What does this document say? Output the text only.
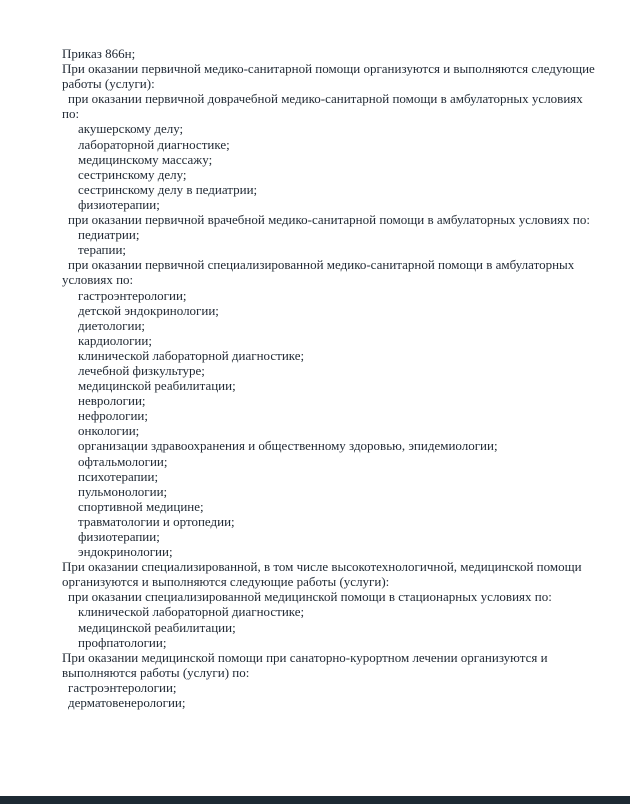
Приказ 866н;
При оказании первичной медико-санитарной помощи организуются и выполняются следующие
работы (услуги):
при оказании первичной доврачебной медико-санитарной помощи в амбулаторных условиях
по:
акушерскому делу;
лабораторной диагностике;
медицинскому массажу;
сестринскому делу;
сестринскому делу в педиатрии;
физиотерапии;
при оказании первичной врачебной медико-санитарной помощи в амбулаторных условиях по:
педиатрии;
терапии;
при оказании первичной специализированной медико-санитарной помощи в амбулаторных
условиях по:
гастроэнтерологии;
детской эндокринологии;
диетологии;
кардиологии;
клинической лабораторной диагностике;
лечебной физкультуре;
медицинской реабилитации;
неврологии;
нефрологии;
онкологии;
организации здравоохранения и общественному здоровью, эпидемиологии;
офтальмологии;
психотерапии;
пульмонологии;
спортивной медицине;
травматологии и ортопедии;
физиотерапии;
эндокринологии;
При оказании специализированной, в том числе высокотехнологичной, медицинской помощи
организуются и выполняются следующие работы (услуги):
при оказании специализированной медицинской помощи в стационарных условиях по:
клинической лабораторной диагностике;
медицинской реабилитации;
профпатологии;
При оказании медицинской помощи при санаторно-курортном лечении организуются и
выполняются работы (услуги) по:
гастроэнтерологии;
дерматовенерологии;
